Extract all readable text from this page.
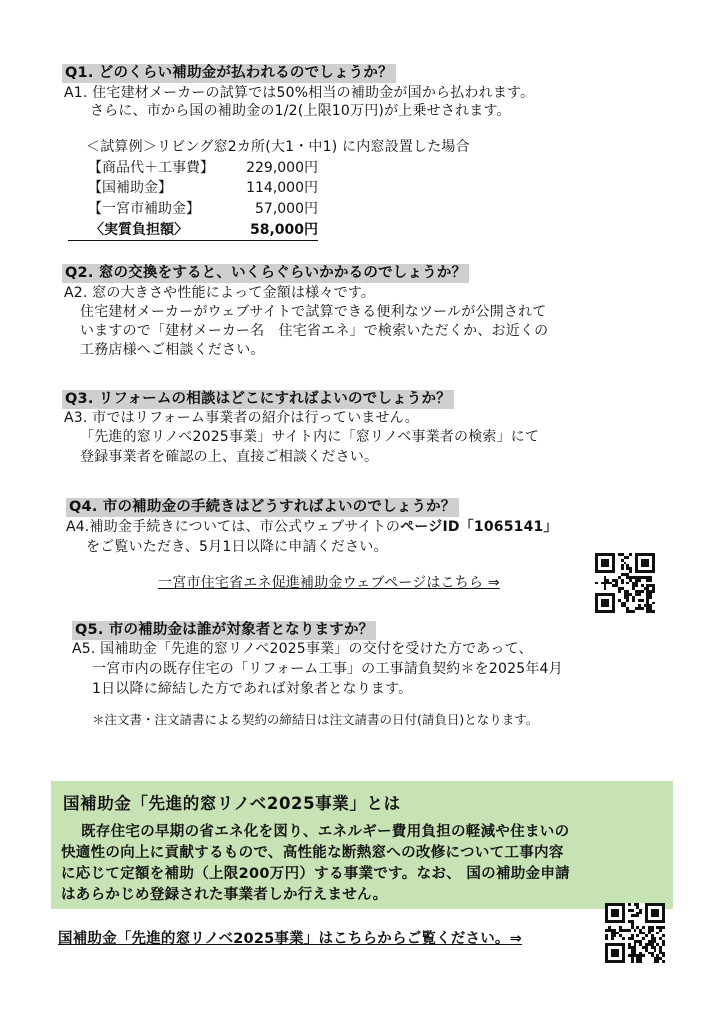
Q1. どのくらい補助金が払われるのでしょうか？
A1. 住宅建材メーカーの試算では50%相当の補助金が国から払われます。
さらに、市から国の補助金の1/2(上限10万円)が上乗せされます。
＜試算例＞リビング窓2カ所(大1・中1) に内窓設置した場合
【商品代＋工事費】	229,000円
【国補助金】	114,000円
【一宮市補助金】	57,000円
〈実質負担額〉	58,000円
Q2. 窓の交換をすると、いくらぐらいかかるのでしょうか？
A2. 窓の大きさや性能によって金額は様々です。
住宅建材メーカーがウェブサイトで試算できる便利なツールが公開されて
いますので「建材メーカー名　住宅省エネ」で検索いただくか、お近くの
工務店様へご相談ください。
Q3. リフォームの相談はどこにすればよいのでしょうか？
A3. 市ではリフォーム事業者の紹介は行っていません。
「先進的窓リノベ2025事業」サイト内に「窓リノベ事業者の検索」にて
登録事業者を確認の上、直接ご相談ください。
Q4. 市の補助金の手続きはどうすればよいのでしょうか？
A4.補助金手続きについては、市公式ウェブサイトのページID「1065141」
をご覧いただき、5月1日以降に申請ください。
一宮市住宅省エネ促進補助金ウェブページはこちら ⇒
Q5. 市の補助金は誰が対象者となりますか？
A5. 国補助金「先進的窓リノベ2025事業」の交付を受けた方であって、
一宮市内の既存住宅の「リフォーム工事」の工事請負契約＊を2025年4月
1日以降に締結した方であれば対象者となります。
＊注文書・注文請書による契約の締結日は注文請書の日付(請負日)となります。
国補助金「先進的窓リノベ2025事業」とは
既存住宅の早期の省エネ化を図り、エネルギー費用負担の軽減や住まいの
快適性の向上に貢献するもので、高性能な断熱窓への改修について工事内容
に応じて定額を補助（上限200万円）する事業です。なお、 国の補助金申請
はあらかじめ登録された事業者しか行えません。
国補助金「先進的窓リノベ2025事業」はこちらからご覧ください。⇒
